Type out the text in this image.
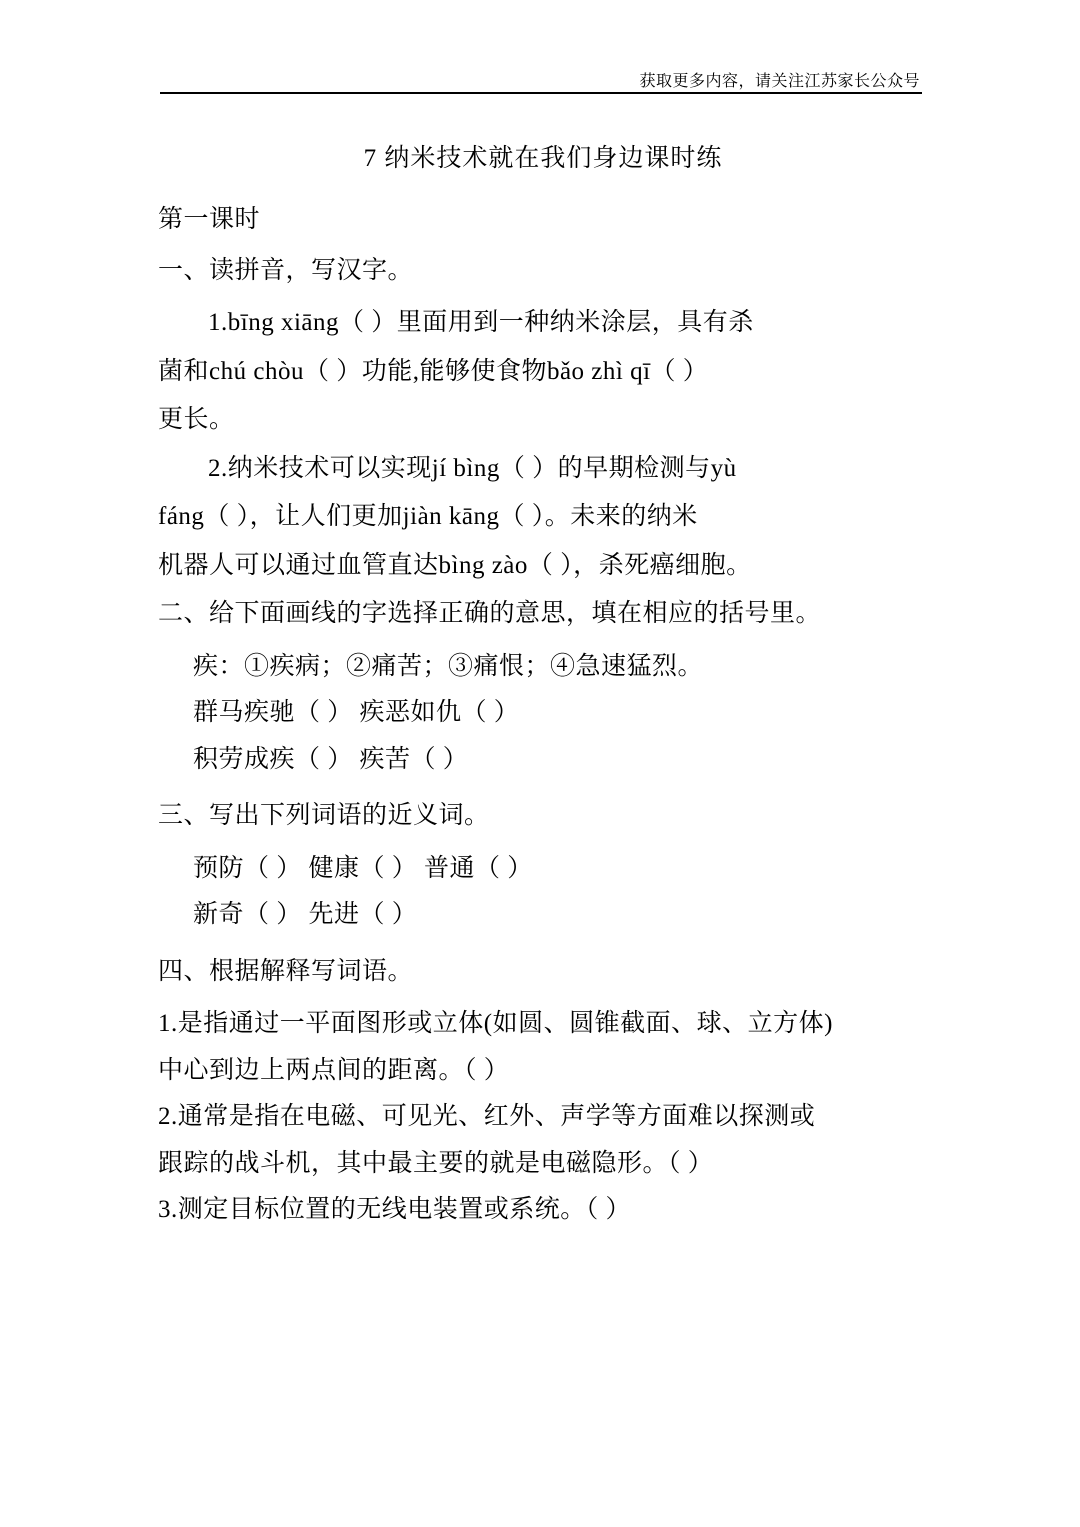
获取更多内容，请关注江苏家长公众号
7 纳米技术就在我们身边课时练

第一课时

一、读拼音，写汉字。

1.bīng xiāng（ ）里面用到一种纳米涂层，具有杀

菌和chú chòu（ ）功能,能够使食物bǎo zhì qī（ ）

更长。

2.纳米技术可以实现jí bìng（ ）的早期检测与yù

fáng（ ），让人们更加jiàn kāng（ ）。未来的纳米

机器人可以通过血管直达bìng zào（ ），杀死癌细胞。

二、给下面画线的字选择正确的意思，填在相应的括号里。

疾：①疾病；②痛苦；③痛恨；④急速猛烈。

群马疾驰（ ） 疾恶如仇（ ）

积劳成疾（ ） 疾苦（ ）

三、写出下列词语的近义词。

预防（ ） 健康（ ） 普通（ ）

新奇（ ） 先进（ ）

四、根据解释写词语。

1.是指通过一平面图形或立体(如圆、圆锥截面、球、立方体)

中心到边上两点间的距离。（ ）

2.通常是指在电磁、可见光、红外、声学等方面难以探测或

跟踪的战斗机，其中最主要的就是电磁隐形。（ ）

3.测定目标位置的无线电装置或系统。（ ）
